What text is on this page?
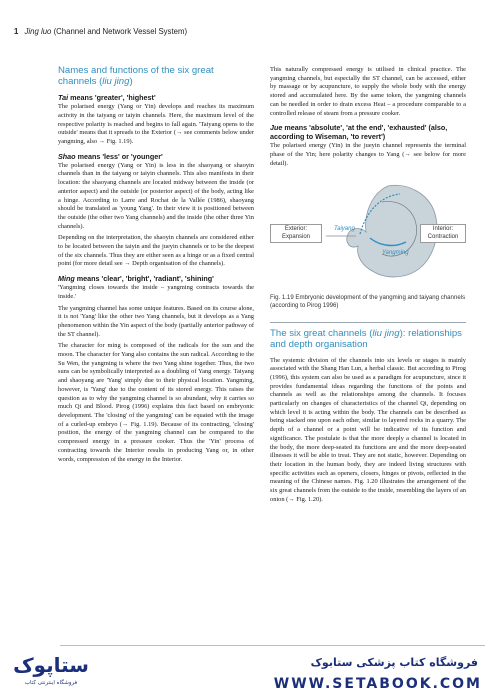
1 Jing luo (Channel and Network Vessel System)
Names and functions of the six great channels (liu jing)
Tai means 'greater', 'highest'

The polarised energy (Yang or Yin) develops and reaches its maximum activity in the taiyang or taiyin channels. Here, the maximum level of the respective polarity is reached and begins to fall again. 'Taiyang opens to the outside' means that it spreads to the Exterior (→ see comments below under yangming, also → Fig. 1.19).

Shao means 'less' or 'younger'

The polarised energy (Yang or Yin) is less in the shaoyang or shaoyin channels than in the taiyang or taiyin channels. This also manifests in their location: the shaoyang channels are located midway between the inside (or anterior aspect) and the outside (or posterior aspect) of the body, acting like a hinge. According to Larre and Rochat de la Vallée (1986), shaoyang should be translated as 'young Yang'. In their view it is positioned between the outside (the other two Yang channels) and the inside (the other three Yin channels).

Depending on the interpretation, the shaoyin channels are considered either to be located between the taiyin and the jueyin channels or to be the deepest of the six channels. Thus they are either seen as a hinge or as a fixed central point (for more detail see → Depth organisation of the channels).

Ming means 'clear', 'bright', 'radiant', 'shining'

'Yangming closes towards the inside – yangming contracts towards the inside.'

The yangming channel has some unique features. Based on its course alone, it is not 'Yang' like the other two Yang channels, but it develops as a Yang phenomenon within the Yin aspect of the body (partially anterior pathway of the ST channel).

The character for ming is composed of the radicals for the sun and the moon. The character for Yang also contains the sun radical. According to the Su Wen, the yangming is where the two Yang shine together. Thus, the two suns can be symbolically interpreted as a doubling of Yang energy. Taiyang and shaoyang are 'Yang' simply due to their physical location. Yangming, however, is 'Yang' due to the content of its stored energy. This raises the question as to why the yangming channel is so abundant, why it carries so much Qi and Blood. Pirog (1996) explains this fact based on embryonic development. The 'closing' of the yangming' can be equated with the image of a curled-up embryo (→ Fig. 1.19). Because of its contracting, 'closing' position, the energy of the yangming channel can be compared to the compressed energy in a pressure cooker. Thus the 'Yin' process of contracting towards the Interior results in producing Yang or, in other words, compression of the energy in the Interior.

This naturally compressed energy is utilised in clinical practice. The yangming channels, but especially the ST channel, can be accessed, either by massage or by acupuncture, to supply the whole body with the energy stored and accumulated here. By the same token, the yangming channels can be needled in order to drain excess Heat – a procedure comparable to a controlled release of steam from a pressure cooker.

Jue means 'absolute', 'at the end', 'exhausted' (also, according to Wiseman, 'to revert')

The polarised energy (Yin) in the jueyin channel represents the terminal phase of the Yin; here polarity changes to Yang (→ see below for more detail).

Exterior: Expansion
Taiyang
Yangming
Interior: Contraction
Fig. 1.19 Embryonic development of the yangming and taiyang channels (according to Pirog 1996)
The six great channels (liu jing): relationships and depth organisation

The systemic division of the channels into six levels or stages is mainly associated with the Shang Han Lun, a herbal classic. But according to Pirog (1996), this system can also be used as a paradigm for acupuncture, since it provides fundamental ideas regarding the functions of the points and channels as well as the relationships among the channels. It focuses particularly on changes of characteristics of the channel Qi, depending on which level it is acting within the body. The channels can be described as being stacked one upon each other, similar to layered rocks in a quarry. The depth of a channel or a point will be indicative of its function and significance. The postulate is that the more deeply a channel is located in the body, the more deep-seated its functions are and the more deep-seated illnesses it will be able to treat. They are not static, however. Depending on their location in the human body, they are indeed living structures with specific activities such as openers, closers, hinges or pivots, reflected in the meaning of the Chinese names. Fig. 1.20 illustrates the arrangement of the six great channels from the outside to the inside, resembling the layers of an onion (→ Fig. 1.20).

ستاپوک
فروشگاه اینترنتی کتاب
فروشگاه کتاب پزشکی ستابوک
WWW.SETABOOK.COM
